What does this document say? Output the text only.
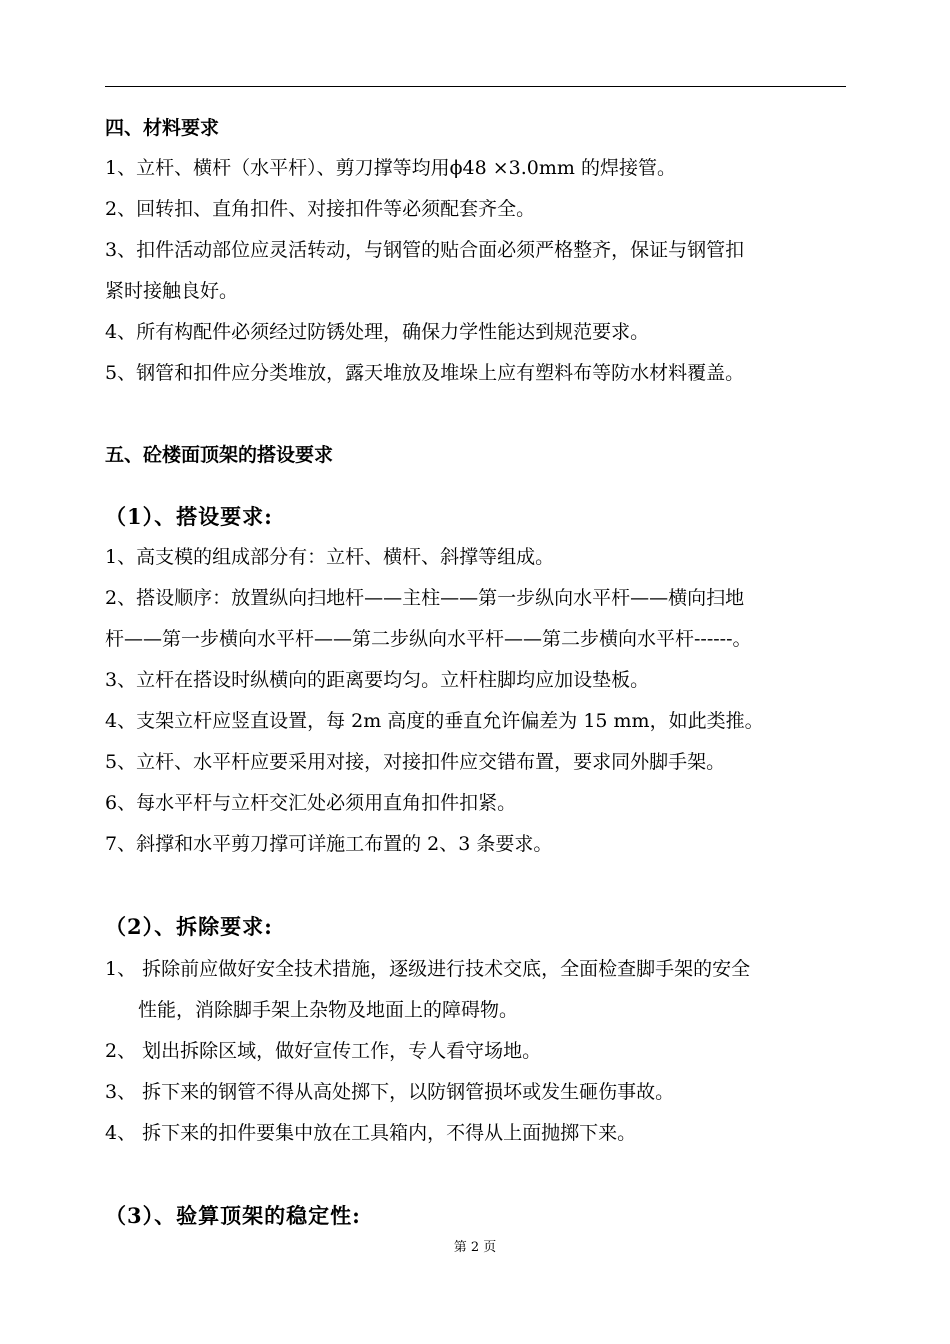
四、材料要求
1、立杆、横杆（水平杆）、剪刀撑等均用ϕ48 ×3.0mm 的焊接管。
2、回转扣、直角扣件、对接扣件等必须配套齐全。
3、扣件活动部位应灵活转动，与钢管的贴合面必须严格整齐，保证与钢管扣
紧时接触良好。
4、所有构配件必须经过防锈处理，确保力学性能达到规范要求。
5、钢管和扣件应分类堆放，露天堆放及堆垛上应有塑料布等防水材料覆盖。
五、砼楼面顶架的搭设要求
（1）、搭设要求:
1、高支模的组成部分有：立杆、横杆、斜撑等组成。
2、搭设顺序：放置纵向扫地杆——主柱——第一步纵向水平杆——横向扫地
杆——第一步横向水平杆——第二步纵向水平杆——第二步横向水平杆------。
3、立杆在搭设时纵横向的距离要均匀。立杆柱脚均应加设垫板。
4、支架立杆应竖直设置，每 2m 高度的垂直允许偏差为 15 mm，如此类推。
5、立杆、水平杆应要采用对接，对接扣件应交错布置，要求同外脚手架。
6、每水平杆与立杆交汇处必须用直角扣件扣紧。
7、斜撑和水平剪刀撑可详施工布置的 2、3 条要求。
（2）、拆除要求:
1、 拆除前应做好安全技术措施，逐级进行技术交底，全面检查脚手架的安全
性能，消除脚手架上杂物及地面上的障碍物。
2、 划出拆除区域，做好宣传工作，专人看守场地。
3、 拆下来的钢管不得从高处掷下，以防钢管损坏或发生砸伤事故。
4、 拆下来的扣件要集中放在工具箱内，不得从上面抛掷下来。
（3）、验算顶架的稳定性:
第 2 页
